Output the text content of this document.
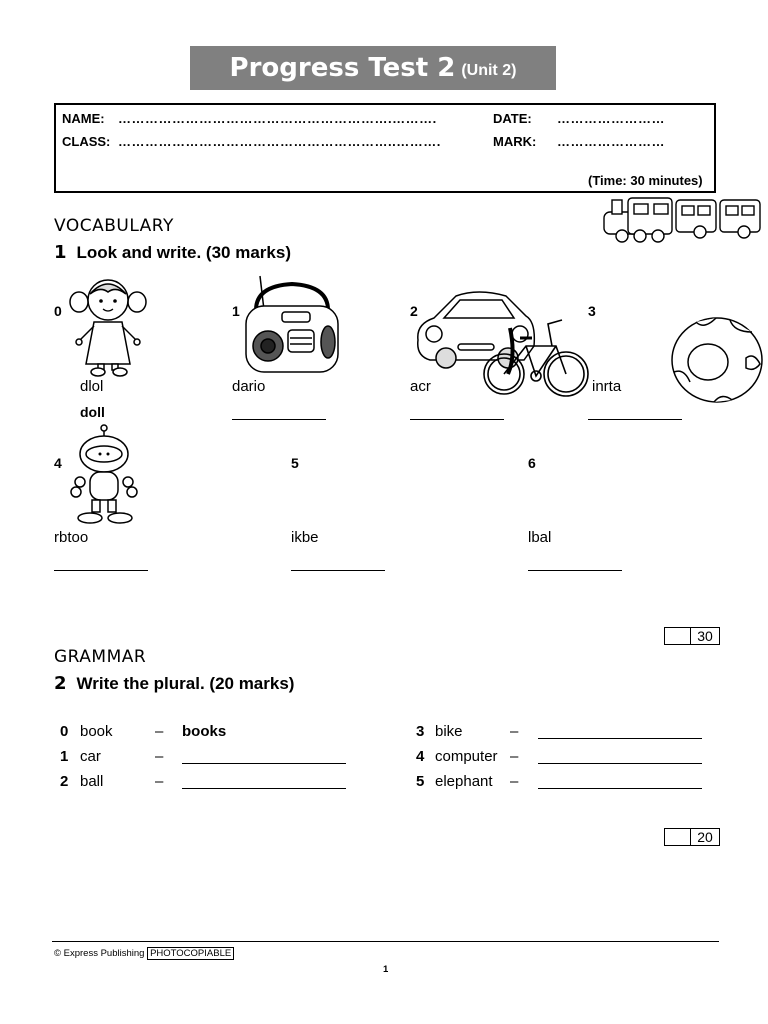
Progress Test 2 (Unit 2)
NAME: …………………………………………………….……….	DATE: ……………………
CLASS: ……………………………………………………..……….	MARK: ……………………
(Time: 30 minutes)
VOCABULARY
1 Look and write. (30 marks)
0	1	2	3
dlol	dario	acr	inrta
doll
4	5	6
rbtoo	ikbe	lbal
30
GRAMMAR
2 Write the plural. (20 marks)
0 book	– books
1 car	–
2 ball	–
3 bike	–
4 computer –
5 elephant –
20
© Express Publishing PHOTOCOPIABLE
1
